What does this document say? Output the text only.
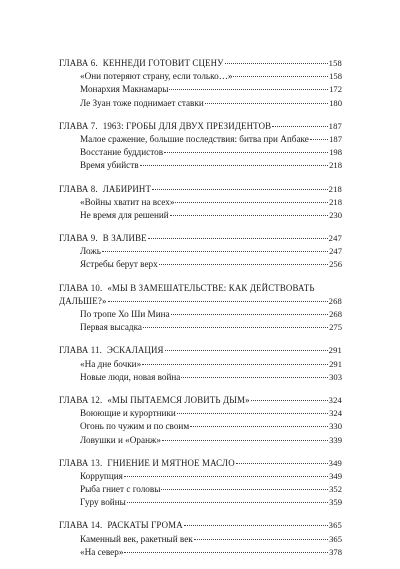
ГЛАВА 6. КЕННЕДИ ГОТОВИТ СЦЕНУ	158
«Они потеряют страну, если только…»	158
Монархия Макнамары	172
Ле Зуан тоже поднимает ставки	180
ГЛАВА 7. 1963: ГРОБЫ ДЛЯ ДВУХ ПРЕЗИДЕНТОВ	187
Малое сражение, большие последствия: битва при Апбаке 187
Восстание буддистов	198
Время убийств	218
ГЛАВА 8. ЛАБИРИНТ	218
«Войны хватит на всех»	218
Не время для решений	230
ГЛАВА 9. В ЗАЛИВЕ	247
Ложь	247
Ястребы берут верх	256
ГЛАВА 10. «МЫ В ЗАМЕШАТЕЛЬСТВЕ: КАК ДЕЙСТВОВАТЬ
ДАЛЬШЕ?»	268
По тропе Хо Ши Мина	268
Первая высадка	275
ГЛАВА 11. ЭСКАЛАЦИЯ	291
«На дне бочки»	291
Новые люди, новая война	303
ГЛАВА 12. «МЫ ПЫТАЕМСЯ ЛОВИТЬ ДЫМ»	324
Воюющие и курортники	324
Огонь по чужим и по своим	330
Ловушки и «Оранж»	339
ГЛАВА 13. ГНИЕНИЕ И МЯТНОЕ МАСЛО	349
Коррупция	349
Рыба гниет с головы	352
Гуру войны	359
ГЛАВА 14. РАСКАТЫ ГРОМА	365
Каменный век, ракетный век	365
«На север»	378
